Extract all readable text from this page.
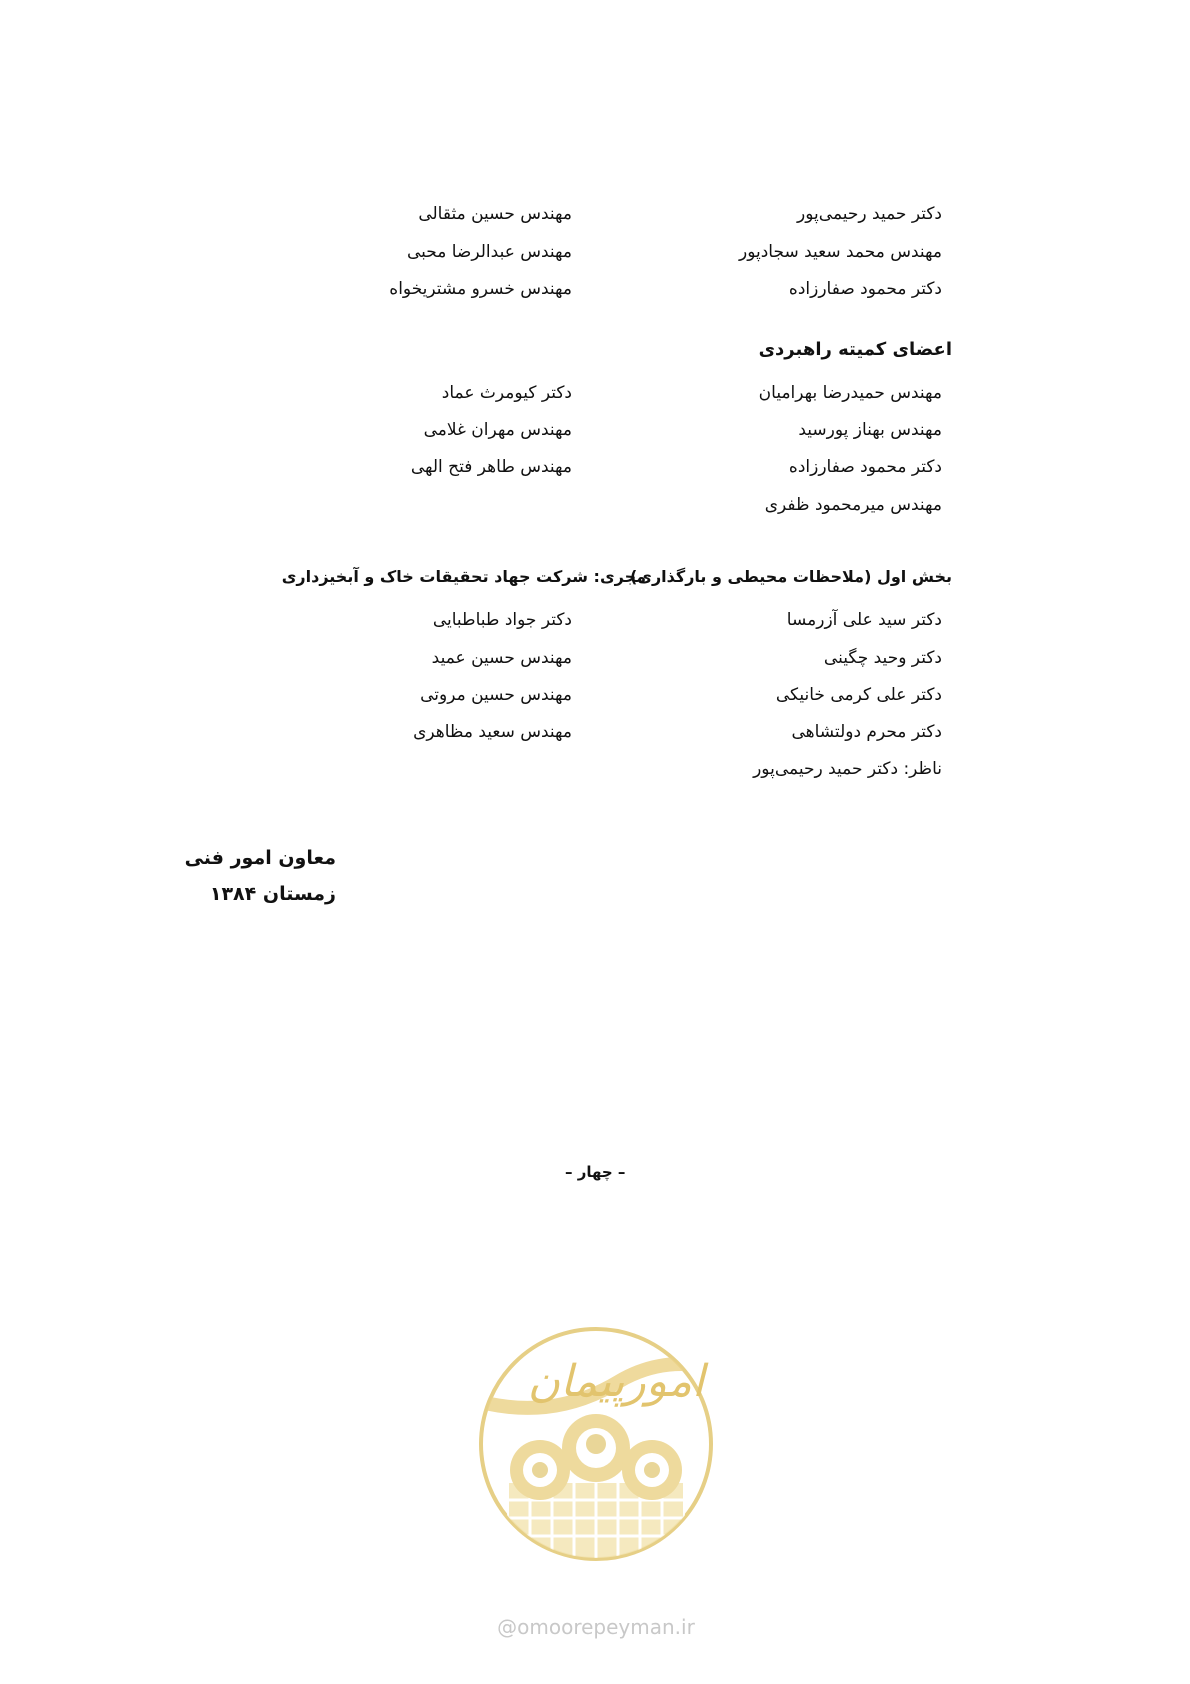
دکتر حمید رحیمی‌پور
مهندس محمد سعید سجادپور
دکتر محمود صفارزاده
مهندس حسین مثقالی
مهندس عبدالرضا محبی
مهندس خسرو مشتریخواه
اعضای کمیته راهبردی
مهندس حمیدرضا بهرامیان
مهندس بهناز پورسید
دکتر محمود صفارزاده
مهندس میرمحمود ظفری
دکتر کیومرث عماد
مهندس مهران غلامی
مهندس طاهر فتح الهی
بخش اول (ملاحظات محیطی و بارگذاری)
مجری: شرکت جهاد تحقیقات خاک و آبخیزداری
دکتر سید علی آزرمسا
دکتر وحید چگینی
دکتر علی کرمی خانیکی
دکتر محرم دولتشاهی
ناظر: دکتر حمید رحیمی‌پور
دکتر جواد طباطبایی
مهندس حسین عمید
مهندس حسین مروتی
مهندس سعید مظاهری
معاون امور فنی
زمستان ۱۳۸۴
– چهار –
امورپیمان
@omoorepeyman.ir
